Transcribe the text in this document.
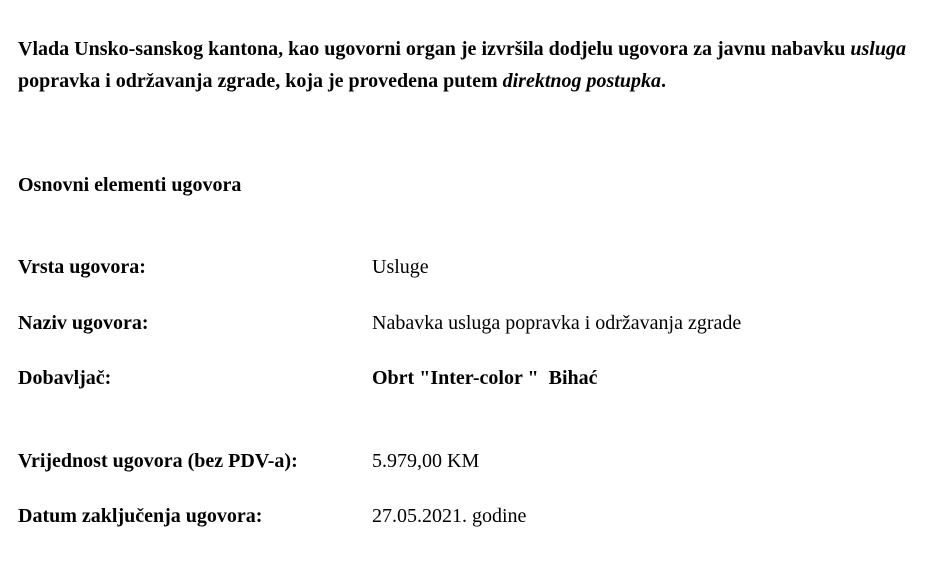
Vlada Unsko-sanskog kantona, kao ugovorni organ je izvršila dodjelu ugovora za javnu nabavku usluga popravka i održavanja zgrade, koja je provedena putem direktnog postupka.

Osnovni elementi ugovora
Vrsta ugovora:	Usluge
Naziv ugovora:	Nabavka usluga popravka i održavanja zgrade
Dobavljač:	Obrt "Inter-color "  Bihać
Vrijednost ugovora (bez PDV-a):	5.979,00 KM
Datum zaključenja ugovora:	27.05.2021. godine
